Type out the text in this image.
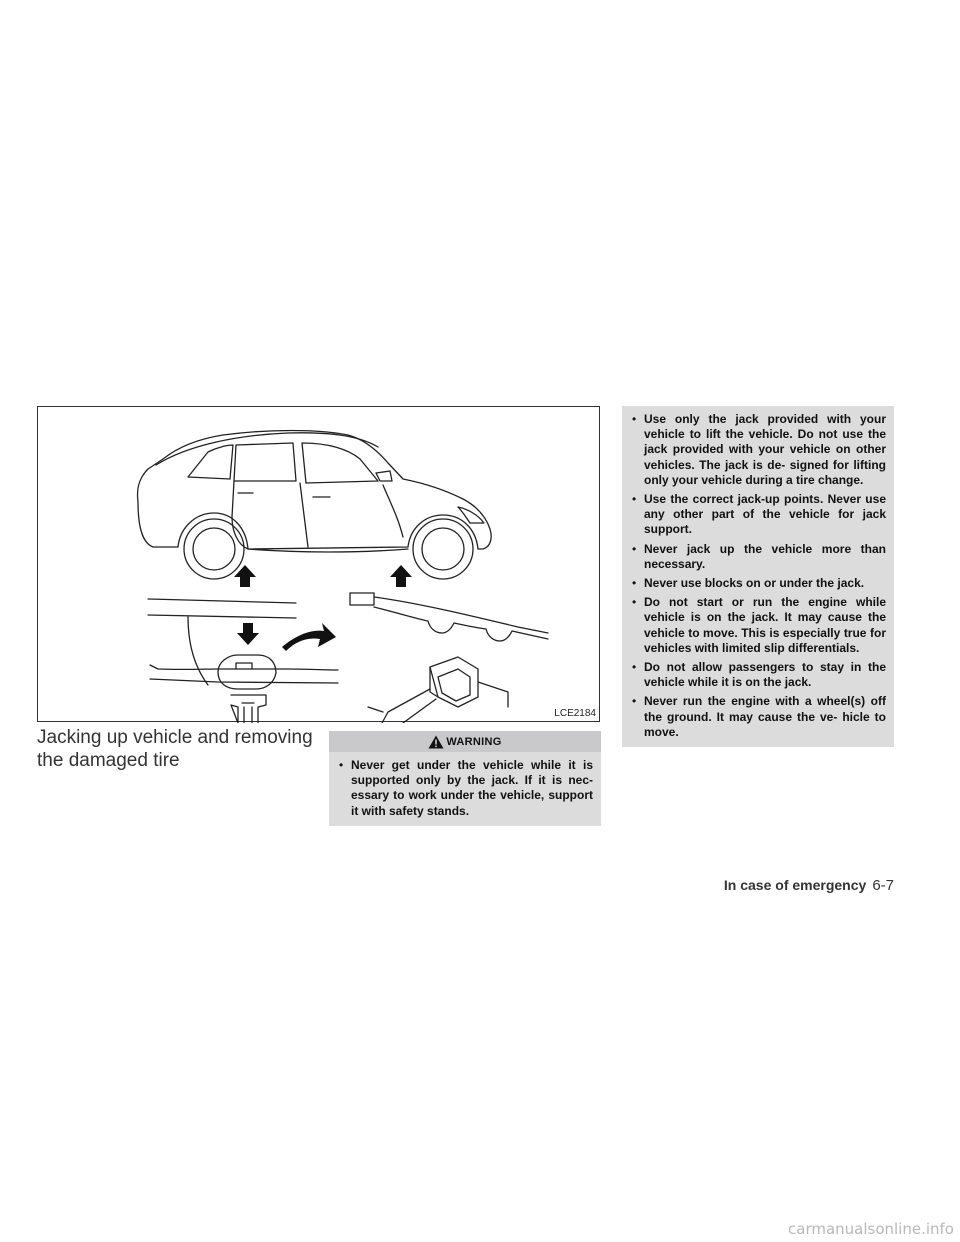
LCE2184
Jacking up vehicle and removing the damaged tire
WARNING
• Never get under the vehicle while it is supported only by the jack. If it is nec- essary to work under the vehicle, support it with safety stands.
• Use only the jack provided with your vehicle to lift the vehicle. Do not use the jack provided with your vehicle on other vehicles. The jack is de- signed for lifting only your vehicle during a tire change.
• Use the correct jack-up points. Never use any other part of the vehicle for jack support.
• Never jack up the vehicle more than necessary.
• Never use blocks on or under the jack.
• Do not start or run the engine while vehicle is on the jack. It may cause the vehicle to move. This is especially true for vehicles with limited slip differentials.
• Do not allow passengers to stay in the vehicle while it is on the jack.
• Never run the engine with a wheel(s) off the ground. It may cause the ve- hicle to move.
In case of emergency 6-7
carmanualsonline.info
